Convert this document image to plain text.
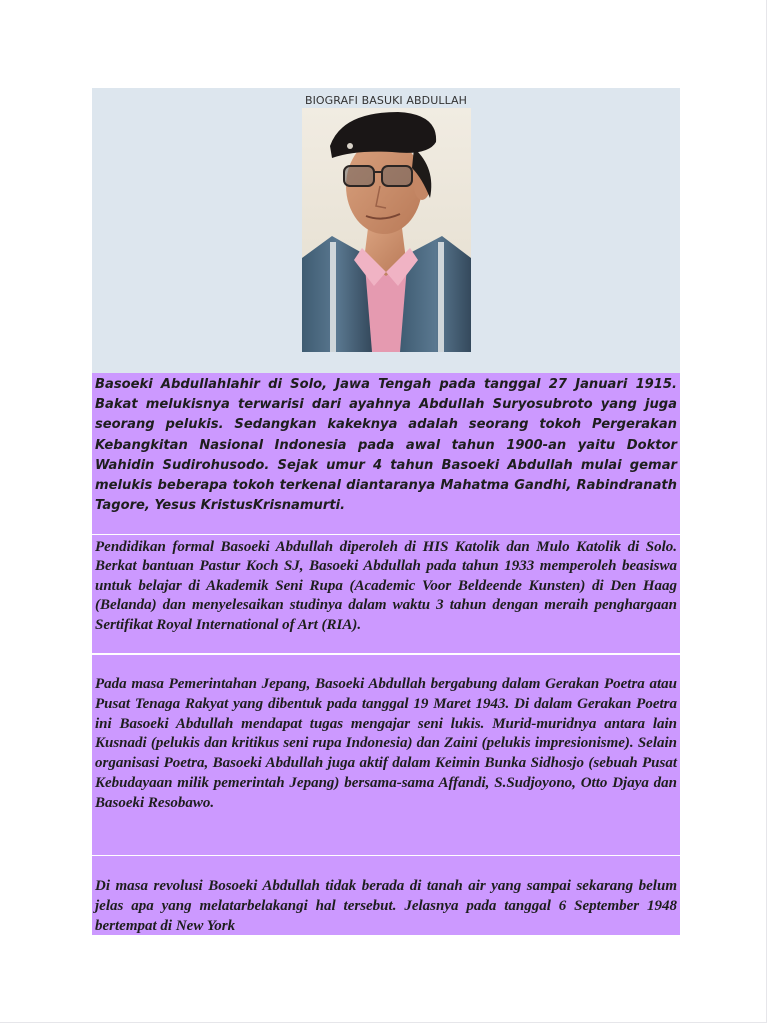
BIOGRAFI BASUKI ABDULLAH

Basoeki Abdullahlahir di Solo, Jawa Tengah pada tanggal 27 Januari 1915. Bakat melukisnya terwarisi dari ayahnya Abdullah Suryosubroto yang juga seorang pelukis. Sedangkan kakeknya adalah seorang tokoh Pergerakan Kebangkitan Nasional Indonesia pada awal tahun 1900-an yaitu Doktor Wahidin Sudirohusodo. Sejak umur 4 tahun Basoeki Abdullah mulai gemar melukis beberapa tokoh terkenal diantaranya Mahatma Gandhi, Rabindranath Tagore, Yesus KristusKrisnamurti.

Pendidikan formal Basoeki Abdullah diperoleh di HIS Katolik dan Mulo Katolik di Solo. Berkat bantuan Pastur Koch SJ, Basoeki Abdullah pada tahun 1933 memperoleh beasiswa untuk belajar di Akademik Seni Rupa (Academic Voor Beldeende Kunsten) di Den Haag (Belanda) dan menyelesaikan studinya dalam waktu 3 tahun dengan meraih penghargaan Sertifikat Royal International of Art (RIA).

Pada masa Pemerintahan Jepang, Basoeki Abdullah bergabung dalam Gerakan Poetra atau Pusat Tenaga Rakyat yang dibentuk pada tanggal 19 Maret 1943. Di dalam Gerakan Poetra ini Basoeki Abdullah mendapat tugas mengajar seni lukis. Murid-muridnya antara lain Kusnadi (pelukis dan kritikus seni rupa Indonesia) dan Zaini (pelukis impresionisme). Selain organisasi Poetra, Basoeki Abdullah juga aktif dalam Keimin Bunka Sidhosjo (sebuah Pusat Kebudayaan milik pemerintah Jepang) bersama-sama Affandi, S.Sudjoyono, Otto Djaya dan Basoeki Resobawo.

Di masa revolusi Bosoeki Abdullah tidak berada di tanah air yang sampai sekarang belum jelas apa yang melatarbelakangi hal tersebut. Jelasnya pada tanggal 6 September 1948 bertempat di New York
